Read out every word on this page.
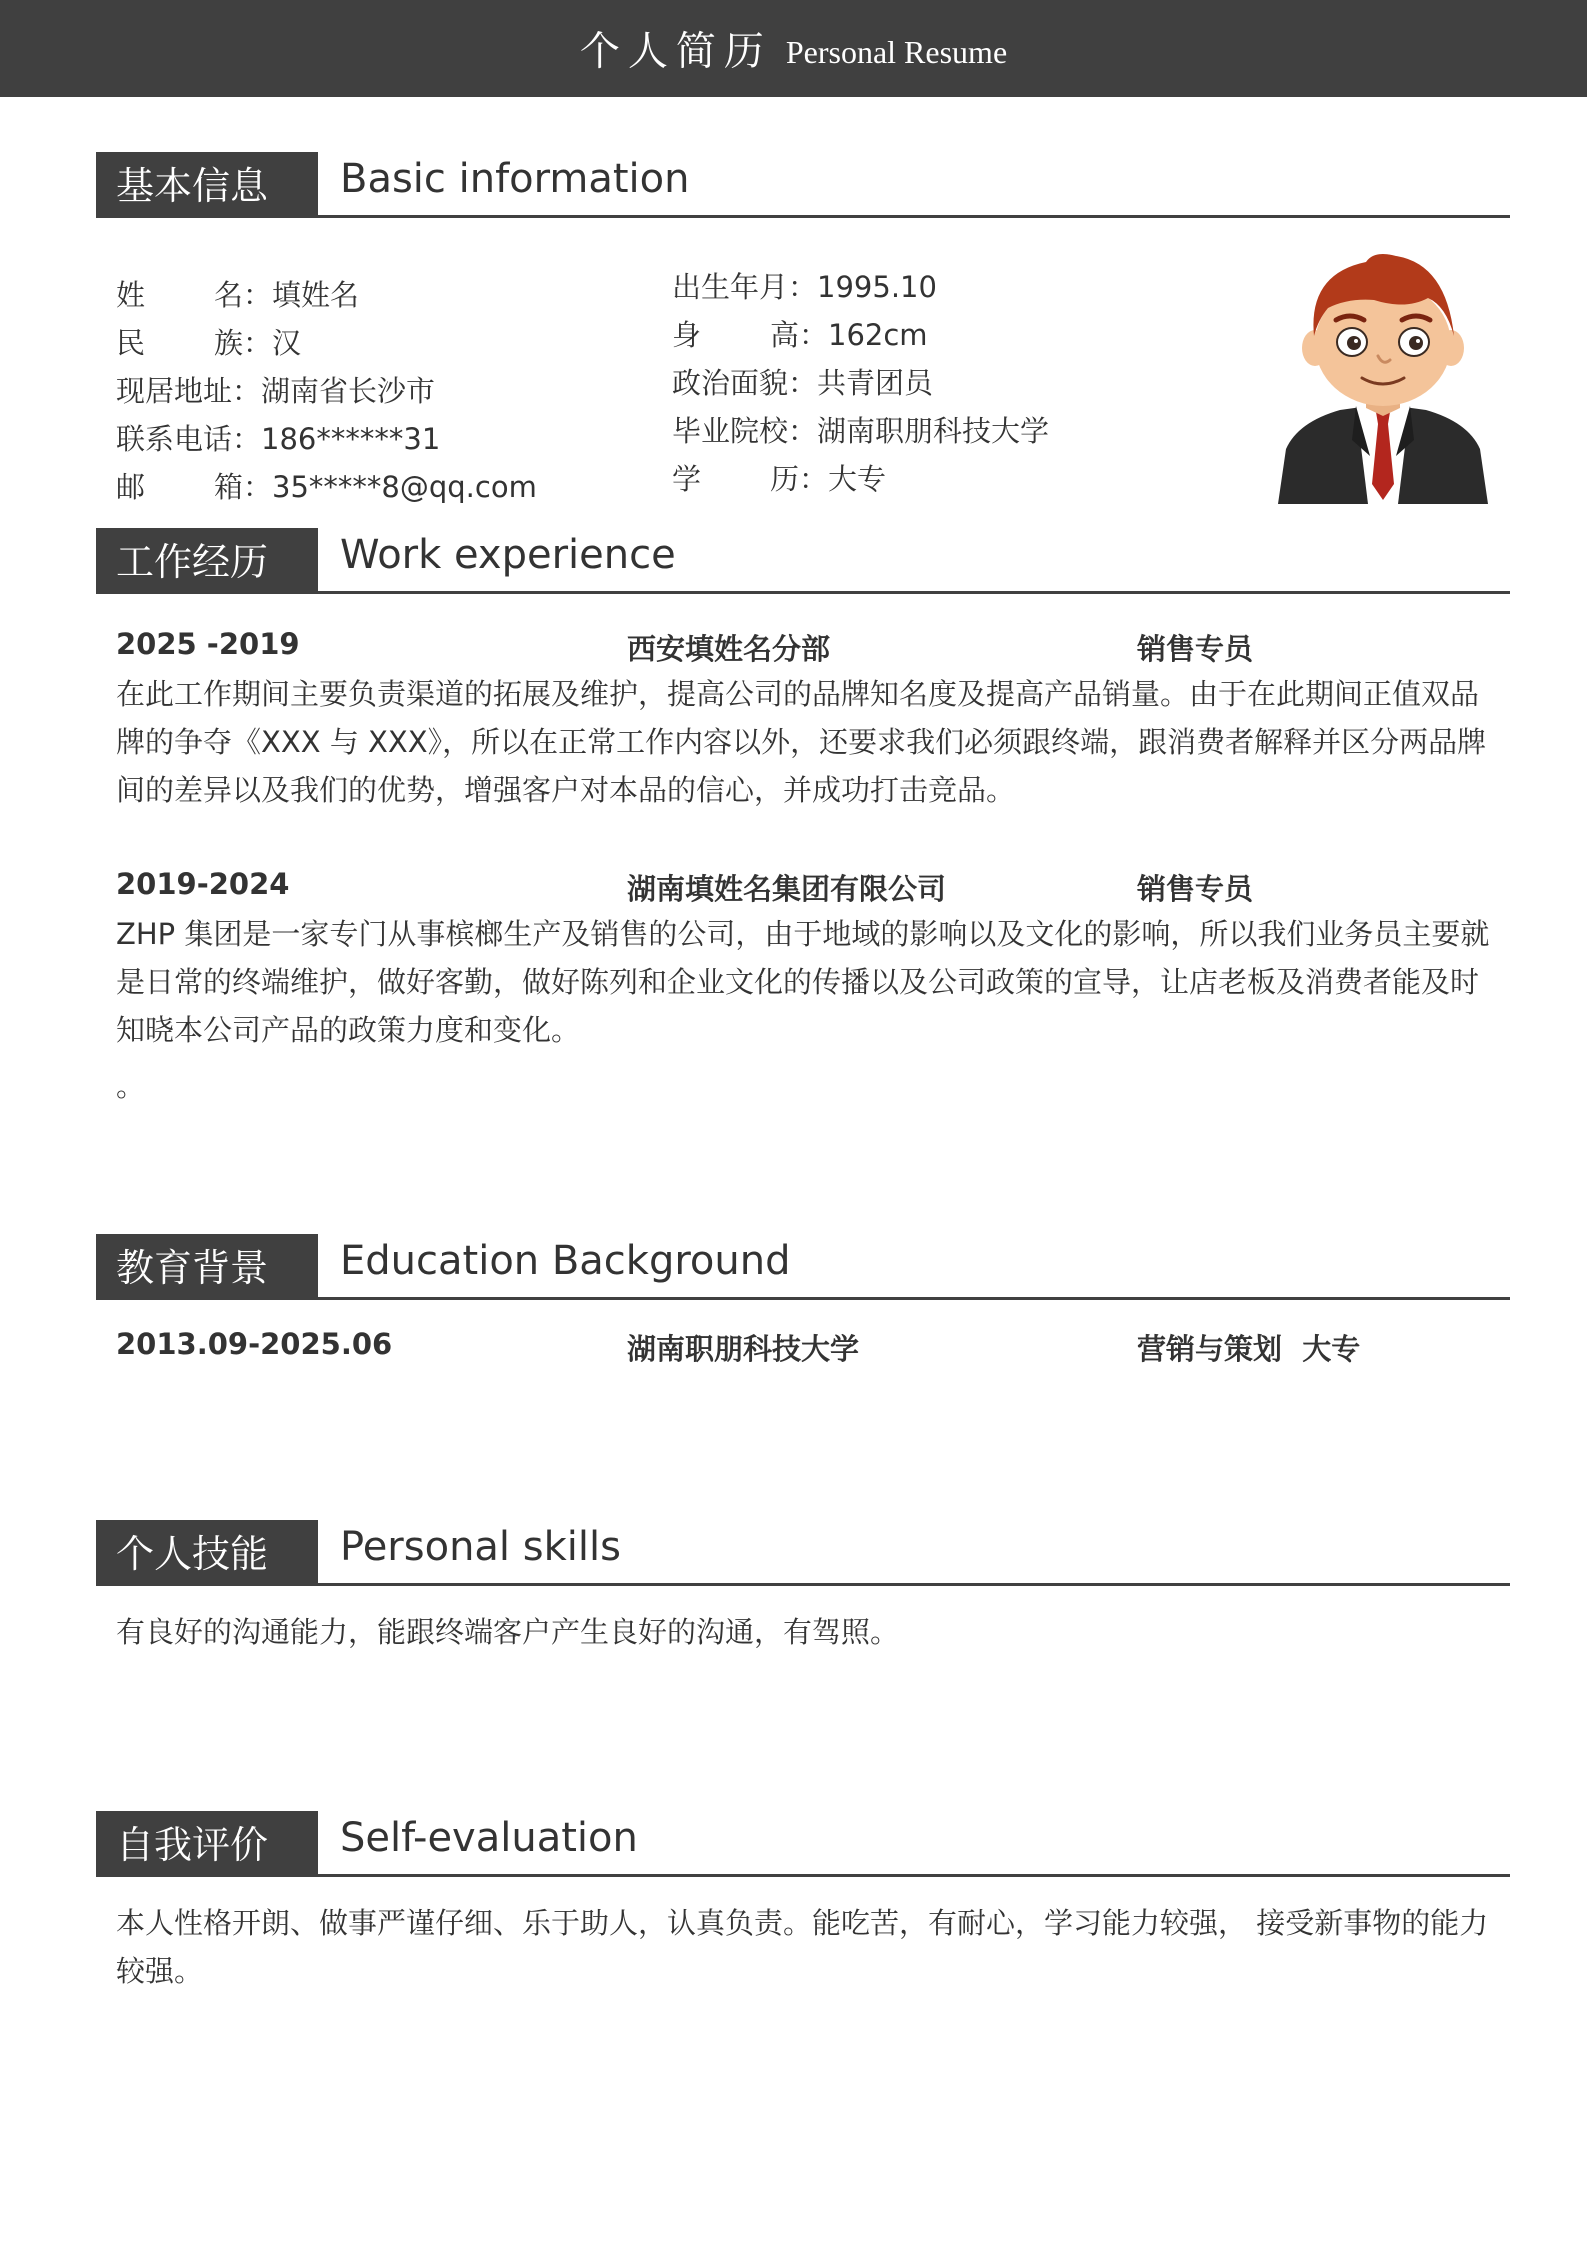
个人简历 Personal Resume
基本信息	Basic information
姓名：填姓名
民族：汉
现居地址：湖南省长沙市
联系电话：186******31
邮箱：35*****8@qq.com
出生年月：1995.10
身高：162cm
政治面貌：共青团员
毕业院校：湖南职朋科技大学
学历：大专
工作经历	Work experience
2025 -2019	西安填姓名分部	销售专员
在此工作期间主要负责渠道的拓展及维护，提高公司的品牌知名度及提高产品销量。由于在此期间正值双品牌的争夺《XXX 与 XXX》，所以在正常工作内容以外，还要求我们必须跟终端，跟消费者解释并区分两品牌间的差异以及我们的优势，增强客户对本品的信心，并成功打击竞品。
2019-2024	湖南填姓名集团有限公司	销售专员
ZHP 集团是一家专门从事槟榔生产及销售的公司，由于地域的影响以及文化的影响，所以我们业务员主要就是日常的终端维护，做好客勤，做好陈列和企业文化的传播以及公司政策的宣导，让店老板及消费者能及时知晓本公司产品的政策力度和变化。
。
教育背景	Education Background
2013.09-2025.06	湖南职朋科技大学	营销与策划  大专
个人技能	Personal skills
有良好的沟通能力，能跟终端客户产生良好的沟通，有驾照。
自我评价	Self-evaluation
本人性格开朗、做事严谨仔细、乐于助人，认真负责。能吃苦，有耐心，学习能力较强， 接受新事物的能力较强。
